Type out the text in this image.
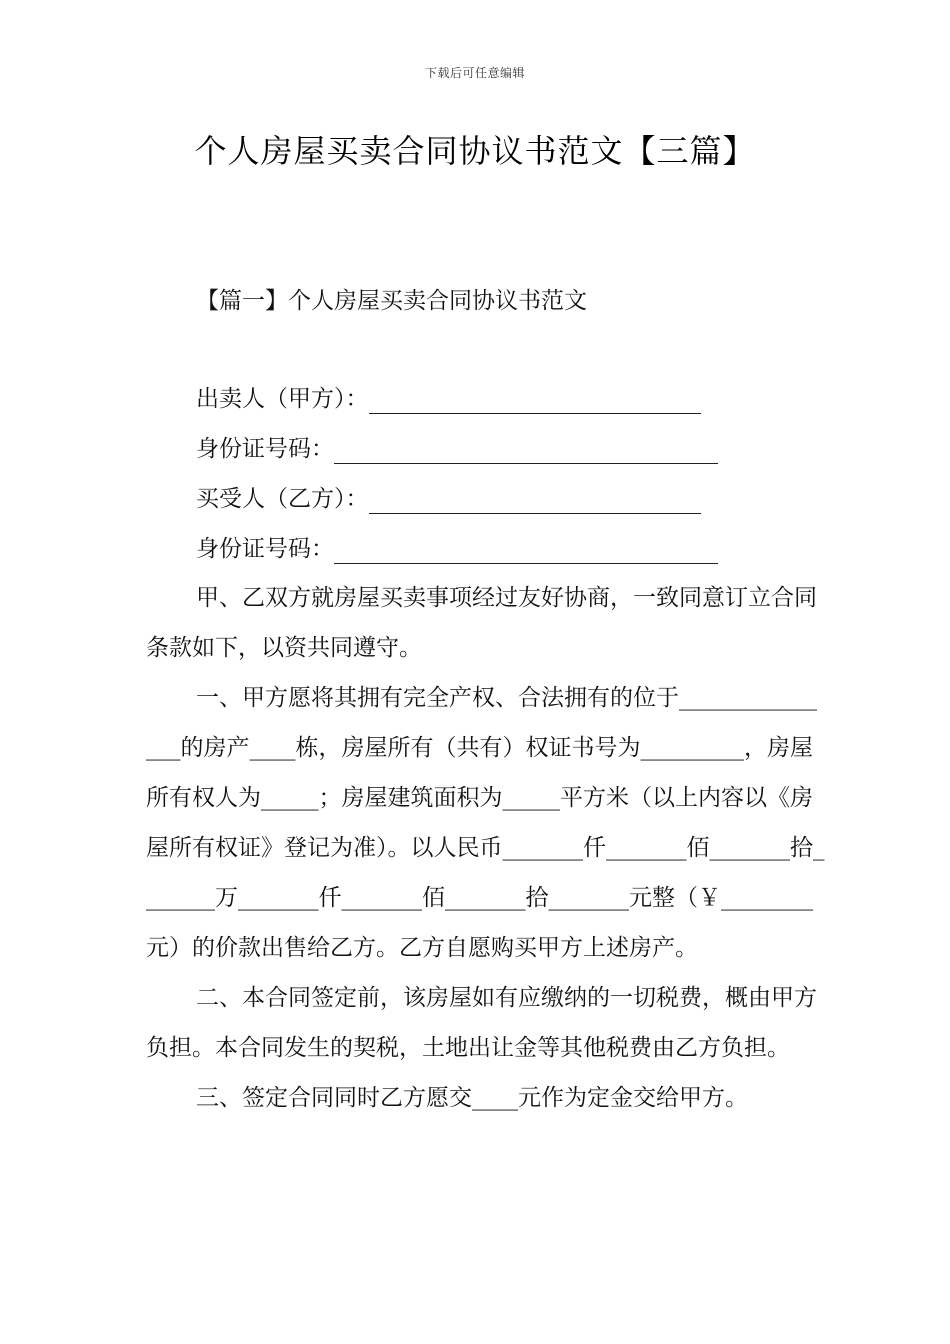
下载后可任意编辑
个人房屋买卖合同协议书范文【三篇】
【篇一】个人房屋买卖合同协议书范文
出卖人（甲方）：
身份证号码：
买受人（乙方）：
身份证号码：

甲、乙双方就房屋买卖事项经过友好协商，一致同意订立合同条款如下，以资共同遵守。

一、甲方愿将其拥有完全产权、合法拥有的位于_______________的房产____栋，房屋所有（共有）权证书号为_________，房屋所有权人为_____；房屋建筑面积为_____平方米（以上内容以《房屋所有权证》登记为准）。以人民币_______仟_______佰_______拾_______万_______仟_______佰_______拾_______元整（￥________元）的价款出售给乙方。乙方自愿购买甲方上述房产。

二、本合同签定前，该房屋如有应缴纳的一切税费，概由甲方负担。本合同发生的契税，土地出让金等其他税费由乙方负担。

三、签定合同同时乙方愿交____元作为定金交给甲方。
